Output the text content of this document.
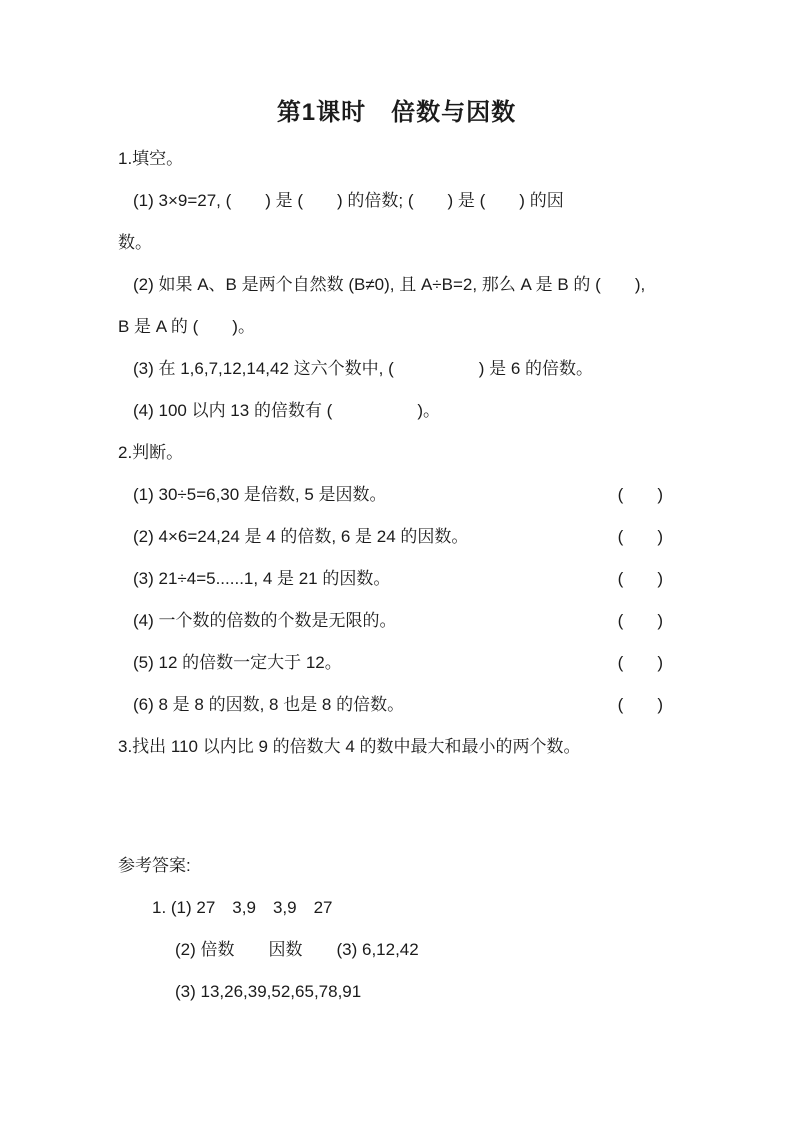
第1课时　倍数与因数
1.填空。
(1) 3×9=27, (　　) 是 (　　) 的倍数; (　　) 是 (　　) 的因
数。
(2) 如果 A、B 是两个自然数 (B≠0), 且 A÷B=2, 那么 A 是 B 的 (　　),
B 是 A 的 (　　)。
(3) 在 1,6,7,12,14,42 这六个数中, (　　　　　) 是 6 的倍数。
(4) 100 以内 13 的倍数有 (　　　　　)。
2.判断。
(1) 30÷5=6,30 是倍数, 5 是因数。	(　　)
(2) 4×6=24,24 是 4 的倍数, 6 是 24 的因数。	(　　)
(3) 21÷4=5......1, 4 是 21 的因数。	(　　)
(4) 一个数的倍数的个数是无限的。	(　　)
(5) 12 的倍数一定大于 12。	(　　)
(6) 8 是 8 的因数, 8 也是 8 的倍数。	(　　)
3.找出 110 以内比 9 的倍数大 4 的数中最大和最小的两个数。
参考答案:
1. (1) 27　3,9　3,9　27
(2) 倍数　　因数　　(3) 6,12,42
(3) 13,26,39,52,65,78,91
